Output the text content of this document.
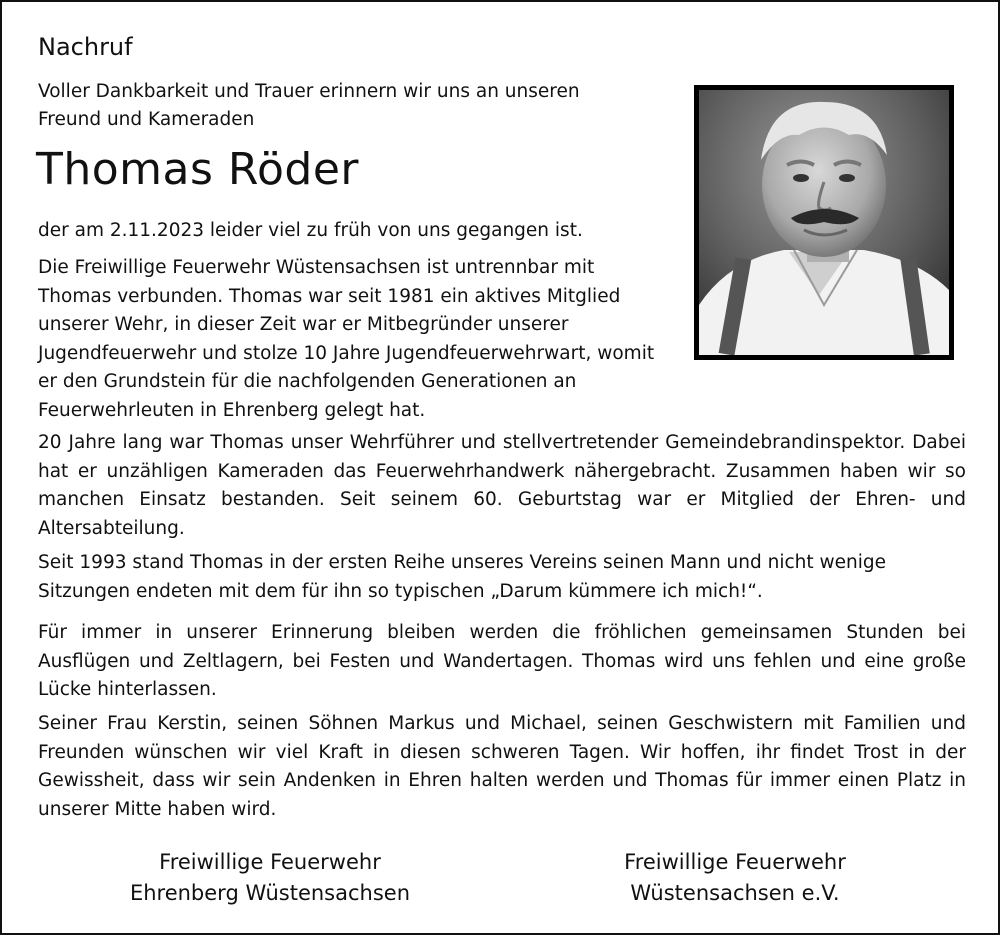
Nachruf
Voller Dankbarkeit und Trauer erinnern wir uns an unseren
Freund und Kameraden
Thomas Röder

der am 2.11.2023 leider viel zu früh von uns gegangen ist.

Die Freiwillige Feuerwehr Wüstensachsen ist untrennbar mit Thomas verbunden. Thomas war seit 1981 ein aktives Mitglied unserer Wehr, in dieser Zeit war er Mitbegründer unserer Jugendfeuerwehr und stolze 10 Jahre Jugendfeuerwehrwart, womit er den Grundstein für die nachfolgenden Generationen an Feuerwehrleuten in Ehrenberg gelegt hat.

20 Jahre lang war Thomas unser Wehrführer und stellvertretender Gemeindebrandinspektor. Dabei hat er unzähligen Kameraden das Feuerwehrhandwerk nähergebracht. Zusammen haben wir so manchen Einsatz bestanden. Seit seinem 60. Geburtstag war er Mitglied der Ehren- und Altersabteilung.

Seit 1993 stand Thomas in der ersten Reihe unseres Vereins seinen Mann und nicht wenige Sitzungen endeten mit dem für ihn so typischen „Darum kümmere ich mich!“.

Für immer in unserer Erinnerung bleiben werden die fröhlichen gemeinsamen Stunden bei Ausflügen und Zeltlagern, bei Festen und Wandertagen. Thomas wird uns fehlen und eine große Lücke hinterlassen.

Seiner Frau Kerstin, seinen Söhnen Markus und Michael, seinen Geschwistern mit Familien und Freunden wünschen wir viel Kraft in diesen schweren Tagen. Wir hoffen, ihr findet Trost in der Gewissheit, dass wir sein Andenken in Ehren halten werden und Thomas für immer einen Platz in unserer Mitte haben wird.

Freiwillige Feuerwehr
Ehrenberg Wüstensachsen
Freiwillige Feuerwehr
Wüstensachsen e.V.
